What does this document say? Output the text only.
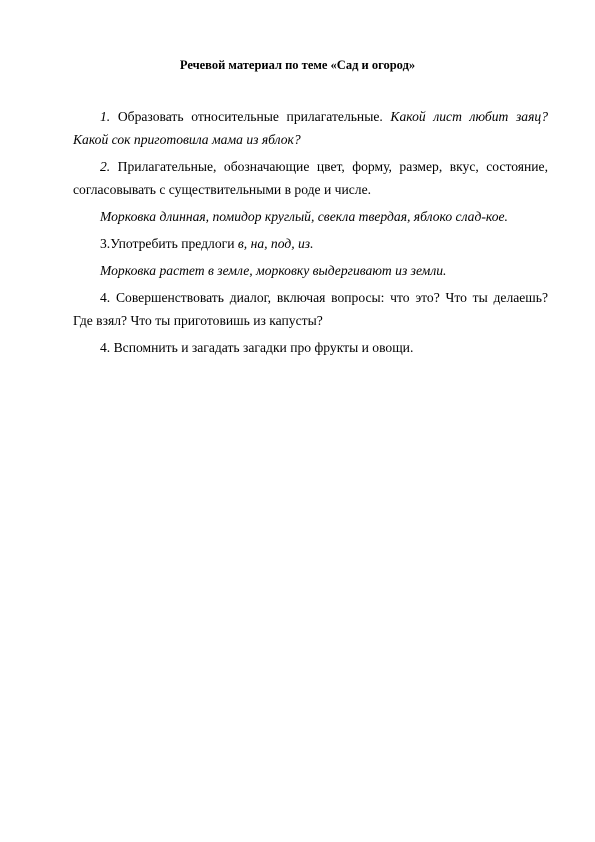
Речевой материал по теме «Сад и огород»

1. Образовать относительные прилагательные. Какой лист любит заяц? Какой сок приготовила мама из яблок?

2. Прилагательные, обозначающие цвет, форму, размер, вкус, состояние, согласовывать с существительными в роде и числе.

Морковка длинная, помидор круглый, свекла твердая, яблоко слад-кое.

3.Употребить предлоги в, на, под, из.

Морковка растет в земле, морковку выдергивают из земли.

4. Совершенствовать диалог, включая вопросы: что это? Что ты делаешь? Где взял? Что ты приготовишь из капусты?

4. Вспомнить и загадать загадки про фрукты и овощи.
